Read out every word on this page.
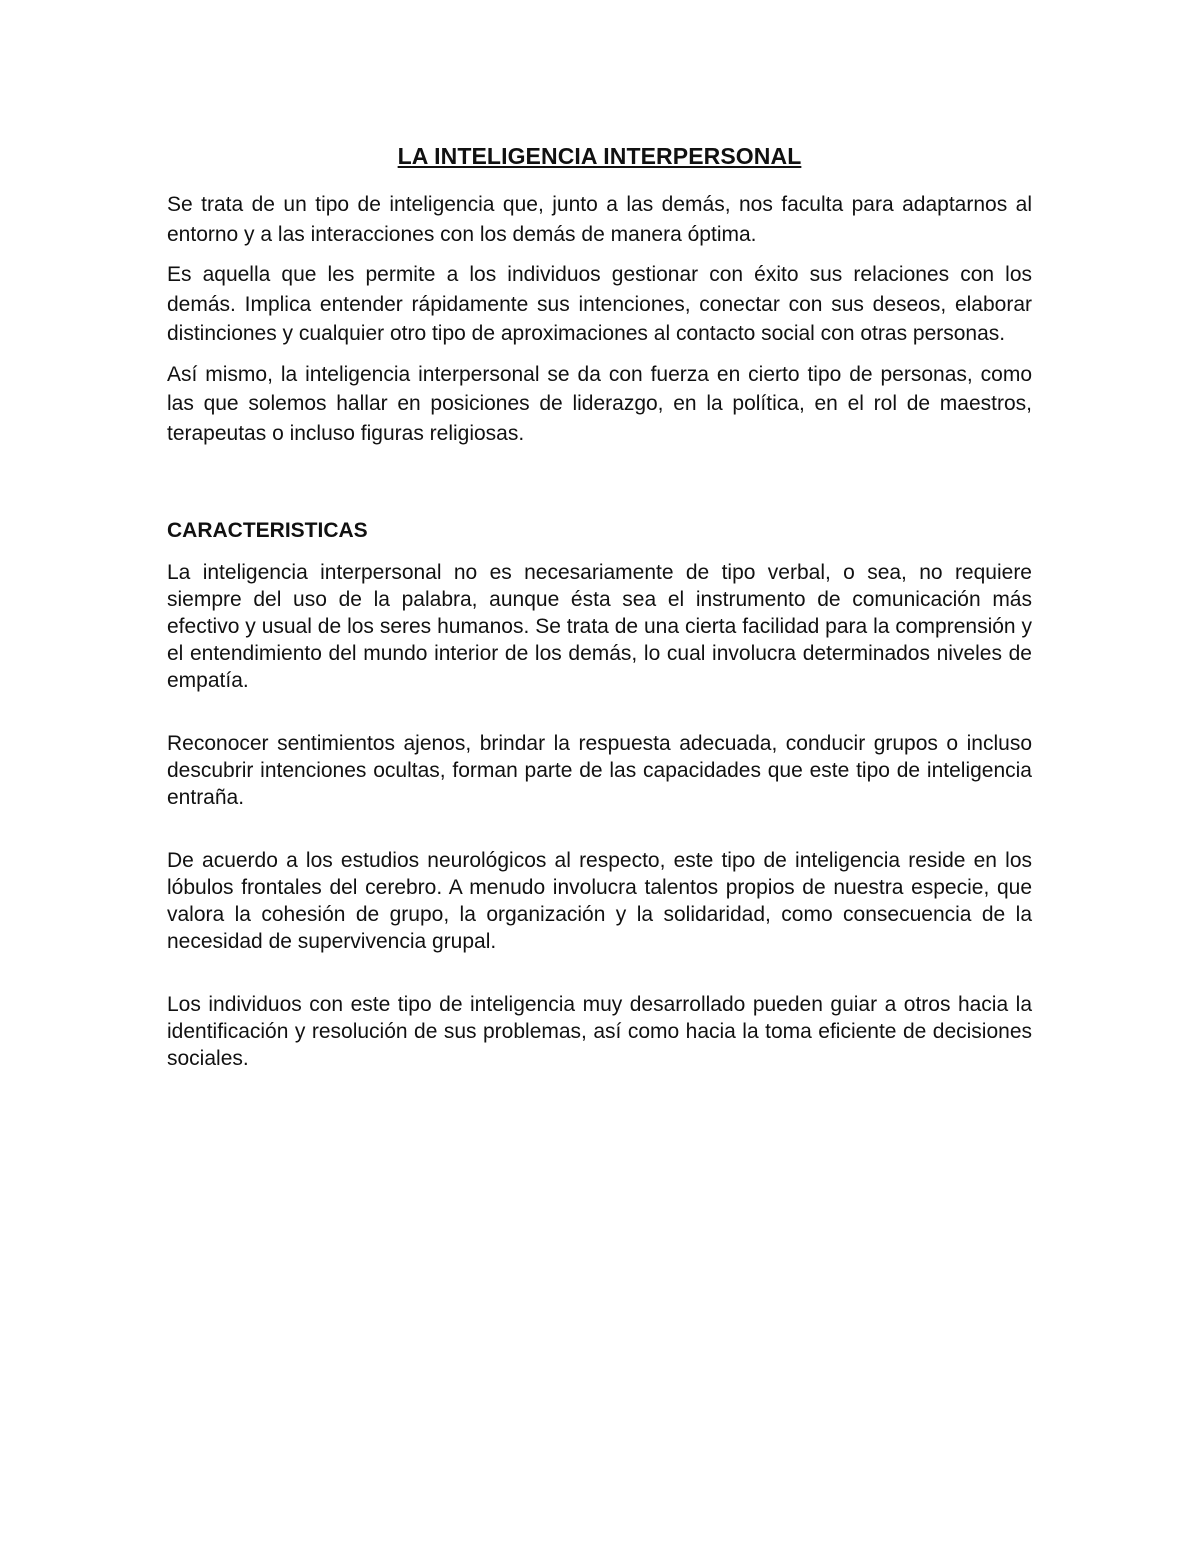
LA INTELIGENCIA INTERPERSONAL

Se trata de un tipo de inteligencia que, junto a las demás, nos faculta para adaptarnos al entorno y a las interacciones con los demás de manera óptima.

Es aquella que les permite a los individuos gestionar con éxito sus relaciones con los demás. Implica entender rápidamente sus intenciones, conectar con sus deseos, elaborar distinciones y cualquier otro tipo de aproximaciones al contacto social con otras personas.

Así mismo, la inteligencia interpersonal se da con fuerza en cierto tipo de personas, como las que solemos hallar en posiciones de liderazgo, en la política, en el rol de maestros, terapeutas o incluso figuras religiosas.

CARACTERISTICAS

La inteligencia interpersonal no es necesariamente de tipo verbal, o sea, no requiere siempre del uso de la palabra, aunque ésta sea el instrumento de comunicación más efectivo y usual de los seres humanos. Se trata de una cierta facilidad para la comprensión y el entendimiento del mundo interior de los demás, lo cual involucra determinados niveles de empatía.

Reconocer sentimientos ajenos, brindar la respuesta adecuada, conducir grupos o incluso descubrir intenciones ocultas, forman parte de las capacidades que este tipo de inteligencia entraña.

De acuerdo a los estudios neurológicos al respecto, este tipo de inteligencia reside en los lóbulos frontales del cerebro. A menudo involucra talentos propios de nuestra especie, que valora la cohesión de grupo, la organización y la solidaridad, como consecuencia de la necesidad de supervivencia grupal.

Los individuos con este tipo de inteligencia muy desarrollado pueden guiar a otros hacia la identificación y resolución de sus problemas, así como hacia la toma eficiente de decisiones sociales.
